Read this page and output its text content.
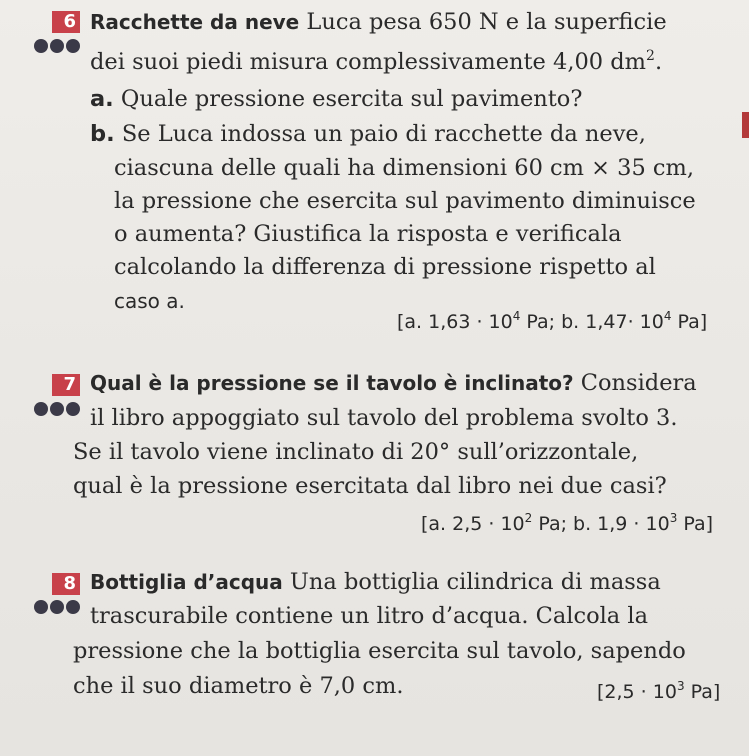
6 Racchette da neve Luca pesa 650 N e la superficie
dei suoi piedi misura complessivamente 4,00 $dm^2$.
a. Quale pressione esercita sul pavimento?
b. Se Luca indossa un paio di racchette da neve,
ciascuna delle quali ha dimensioni 60 cm × 35 cm,
la pressione che esercita sul pavimento diminuisce
o aumenta? Giustifica la risposta e verificala
calcolando la differenza di pressione rispetto al
caso a.
[a. $1,63 \cdot 10^4$ Pa; b. $1,47\cdot 10^4$ Pa]
7 Qual è la pressione se il tavolo è inclinato? Considera
il libro appoggiato sul tavolo del problema svolto 3.
Se il tavolo viene inclinato di 20° sull’orizzontale,
qual è la pressione esercitata dal libro nei due casi?
[a. $2,5 \cdot 10^2$ Pa; b. $1,9 \cdot 10^3$ Pa]
8 Bottiglia d’acqua Una bottiglia cilindrica di massa
trascurabile contiene un litro d’acqua. Calcola la
pressione che la bottiglia esercita sul tavolo, sapendo
che il suo diametro è 7,0 cm.	[$2,5 \cdot 10^3$ Pa]
